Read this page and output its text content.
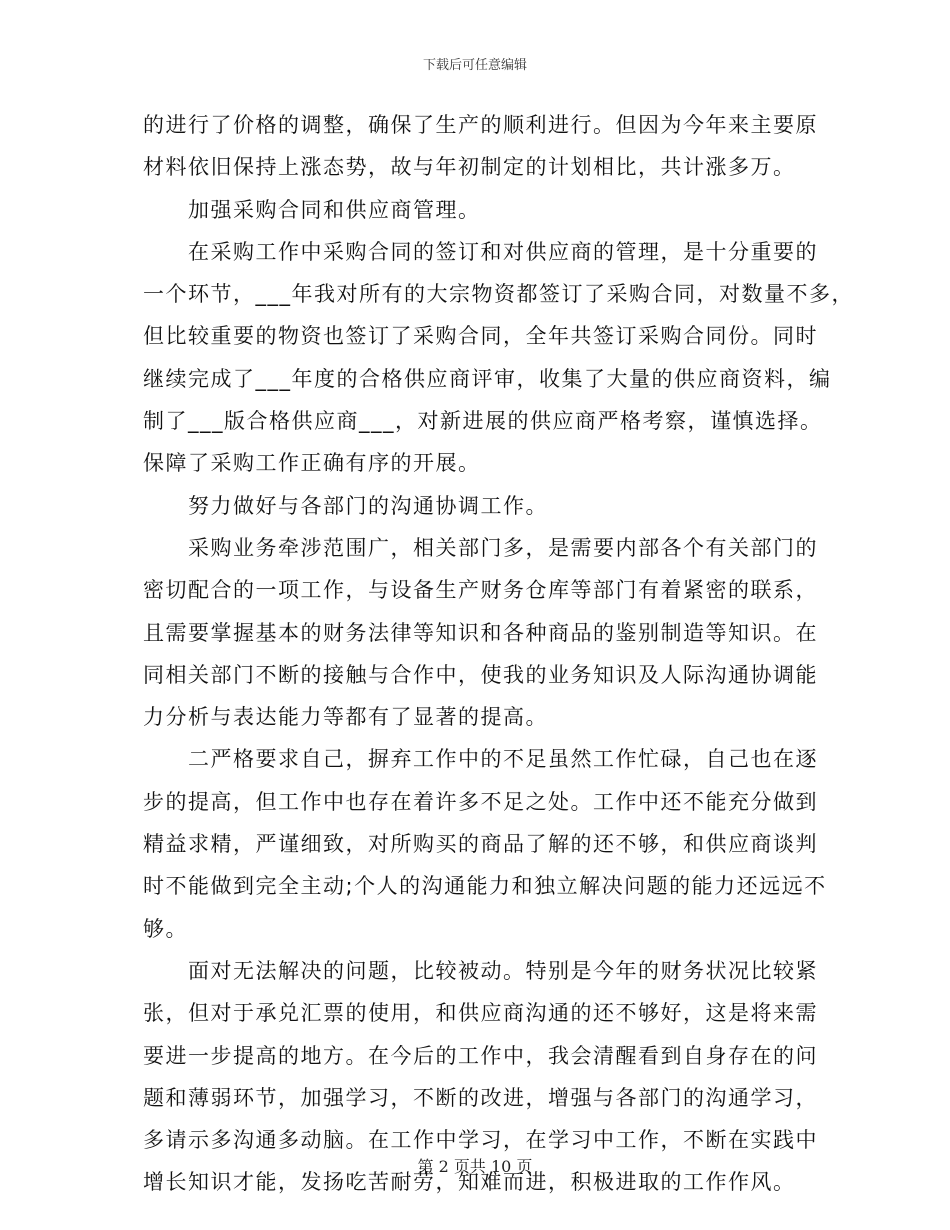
下载后可任意编辑
的进行了价格的调整，确保了生产的顺利进行。但因为今年来主要原
材料依旧保持上涨态势，故与年初制定的计划相比，共计涨多万。
　　加强采购合同和供应商管理。
　　在采购工作中采购合同的签订和对供应商的管理，是十分重要的
一个环节，___年我对所有的大宗物资都签订了采购合同，对数量不多，
但比较重要的物资也签订了采购合同，全年共签订采购合同份。同时
继续完成了___年度的合格供应商评审，收集了大量的供应商资料，编
制了___版合格供应商___，对新进展的供应商严格考察，谨慎选择。
保障了采购工作正确有序的开展。
　　努力做好与各部门的沟通协调工作。
　　采购业务牵涉范围广，相关部门多，是需要内部各个有关部门的
密切配合的一项工作，与设备生产财务仓库等部门有着紧密的联系，
且需要掌握基本的财务法律等知识和各种商品的鉴别制造等知识。在
同相关部门不断的接触与合作中，使我的业务知识及人际沟通协调能
力分析与表达能力等都有了显著的提高。
　　二严格要求自己，摒弃工作中的不足虽然工作忙碌，自己也在逐
步的提高，但工作中也存在着许多不足之处。工作中还不能充分做到
精益求精，严谨细致，对所购买的商品了解的还不够，和供应商谈判
时不能做到完全主动;个人的沟通能力和独立解决问题的能力还远远不
够。
　　面对无法解决的问题，比较被动。特别是今年的财务状况比较紧
张，但对于承兑汇票的使用，和供应商沟通的还不够好，这是将来需
要进一步提高的地方。在今后的工作中，我会清醒看到自身存在的问
题和薄弱环节，加强学习，不断的改进，增强与各部门的沟通学习，
多请示多沟通多动脑。在工作中学习，在学习中工作，不断在实践中
增长知识才能，发扬吃苦耐劳，知难而进，积极进取的工作作风。
第 2 页共 10 页
